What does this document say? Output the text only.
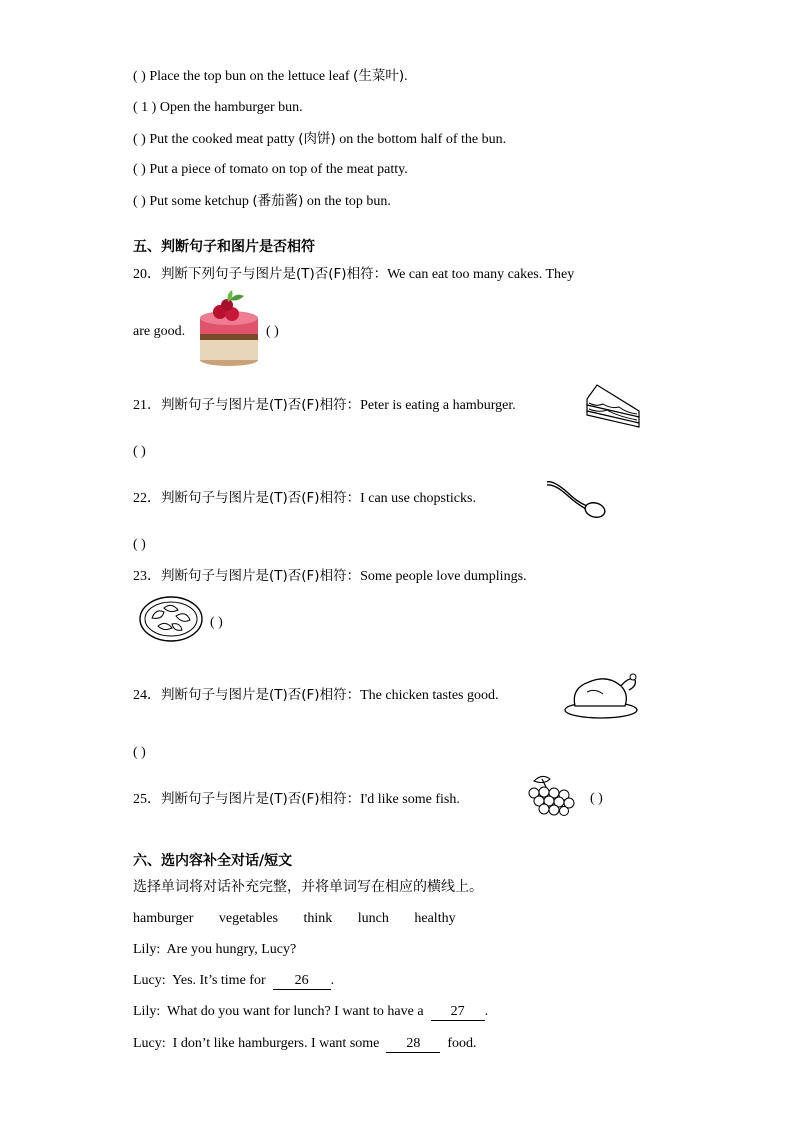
( ) Place the top bun on the lettuce leaf (生菜叶).
( 1 ) Open the hamburger bun.
( ) Put the cooked meat patty (肉饼) on the bottom half of the bun.
( ) Put a piece of tomato on top of the meat patty.
( ) Put some ketchup (番茄酱) on the top bun.
五、判断句子和图片是否相符
20．判断下列句子与图片是(T)否(F)相符：We can eat too many cakes. They
are good.	( )
21．判断句子与图片是(T)否(F)相符：Peter is eating a hamburger.
( )
22．判断句子与图片是(T)否(F)相符：I can use chopsticks.
( )
23．判断句子与图片是(T)否(F)相符：Some people love dumplings.
( )
24．判断句子与图片是(T)否(F)相符：The chicken tastes good.
( )
25．判断句子与图片是(T)否(F)相符：I'd like some fish.	( )
六、选内容补全对话/短文
选择单词将对话补充完整，并将单词写在相应的横线上。
hamburger vegetables think lunch healthy
Lily: Are you hungry, Lucy?
Lucy: Yes. It’s time for 26 .
Lily: What do you want for lunch? I want to have a 27 .
Lucy: I don’t like hamburgers. I want some 28 food.
